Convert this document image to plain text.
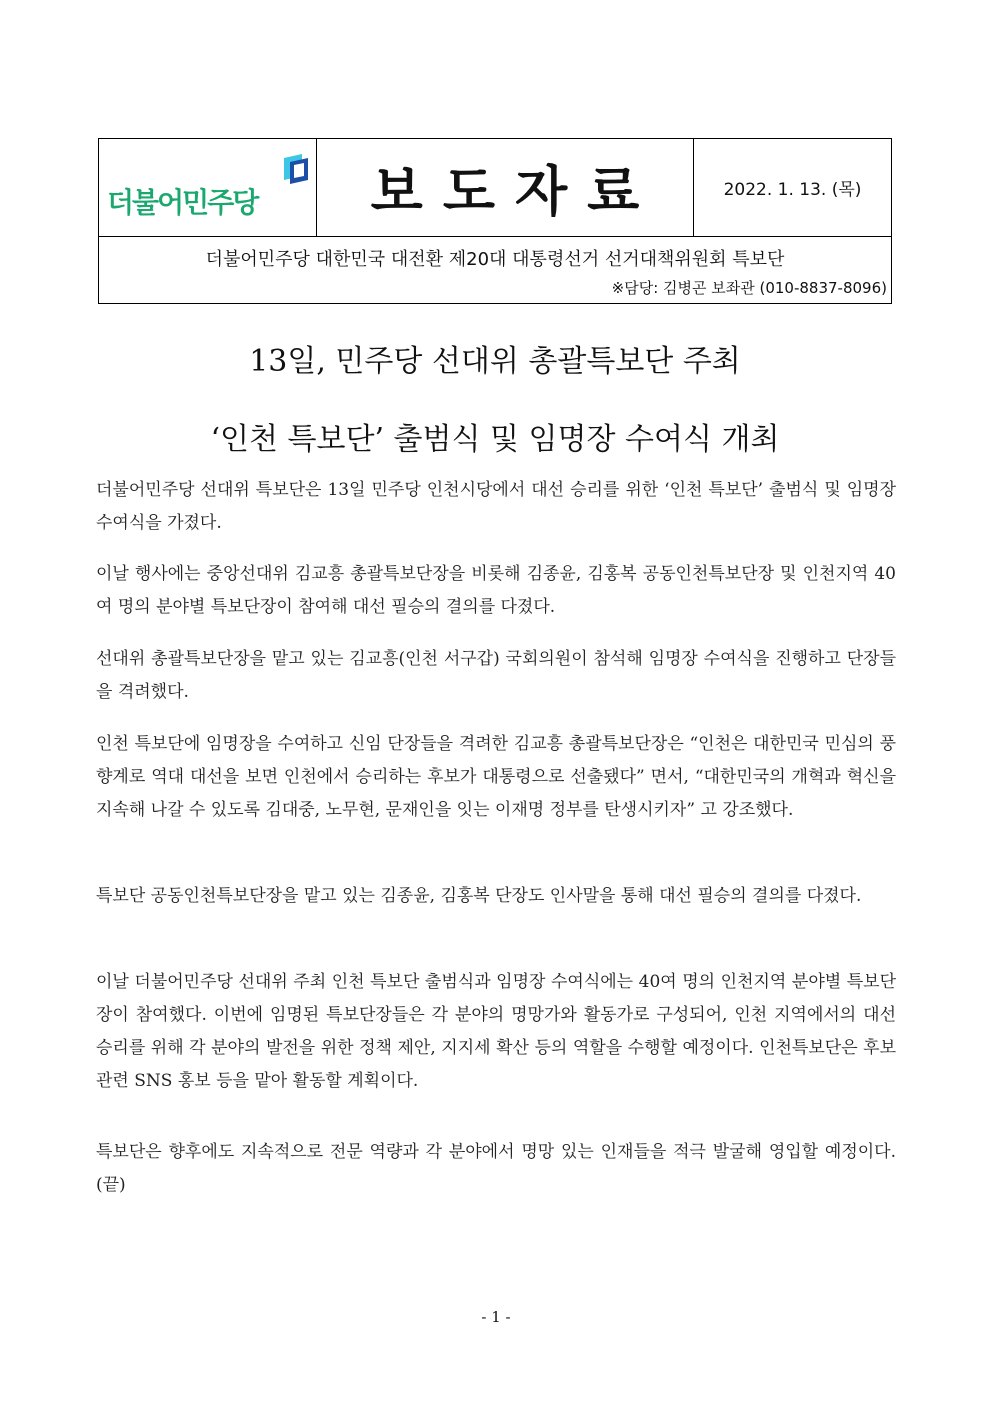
더불어민주당 보도자료	2022. 1. 13. (목)
더불어민주당 대한민국 대전환 제20대 대통령선거 선거대책위원회 특보단
※담당: 김병곤 보좌관 (010-8837-8096)
13일, 민주당 선대위 총괄특보단 주최
‘인천 특보단’ 출범식 및 임명장 수여식 개최

더불어민주당 선대위 특보단은 13일 민주당 인천시당에서 대선 승리를 위한 ‘인천 특보단’ 출범식 및 임명장 수여식을 가졌다.

이날 행사에는 중앙선대위 김교흥 총괄특보단장을 비롯해 김종윤, 김홍복 공동인천특보단장 및 인천지역 40여 명의 분야별 특보단장이 참여해 대선 필승의 결의를 다졌다.

선대위 총괄특보단장을 맡고 있는 김교흥(인천 서구갑) 국회의원이 참석해 임명장 수여식을 진행하고 단장들을 격려했다.

인천 특보단에 임명장을 수여하고 신임 단장들을 격려한 김교흥 총괄특보단장은 “인천은 대한민국 민심의 풍향계로 역대 대선을 보면 인천에서 승리하는 후보가 대통령으로 선출됐다” 면서, “대한민국의 개혁과 혁신을 지속해 나갈 수 있도록 김대중, 노무현, 문재인을 잇는 이재명 정부를 탄생시키자” 고 강조했다.

특보단 공동인천특보단장을 맡고 있는 김종윤, 김홍복 단장도 인사말을 통해 대선 필승의 결의를 다졌다.

이날 더불어민주당 선대위 주최 인천 특보단 출범식과 임명장 수여식에는 40여 명의 인천지역 분야별 특보단장이 참여했다. 이번에 임명된 특보단장들은 각 분야의 명망가와 활동가로 구성되어, 인천 지역에서의 대선 승리를 위해 각 분야의 발전을 위한 정책 제안, 지지세 확산 등의 역할을 수행할 예정이다. 인천특보단은 후보 관련 SNS 홍보 등을 맡아 활동할 계획이다.

특보단은 향후에도 지속적으로 전문 역량과 각 분야에서 명망 있는 인재들을 적극 발굴해 영입할 예정이다. (끝)

- 1 -
